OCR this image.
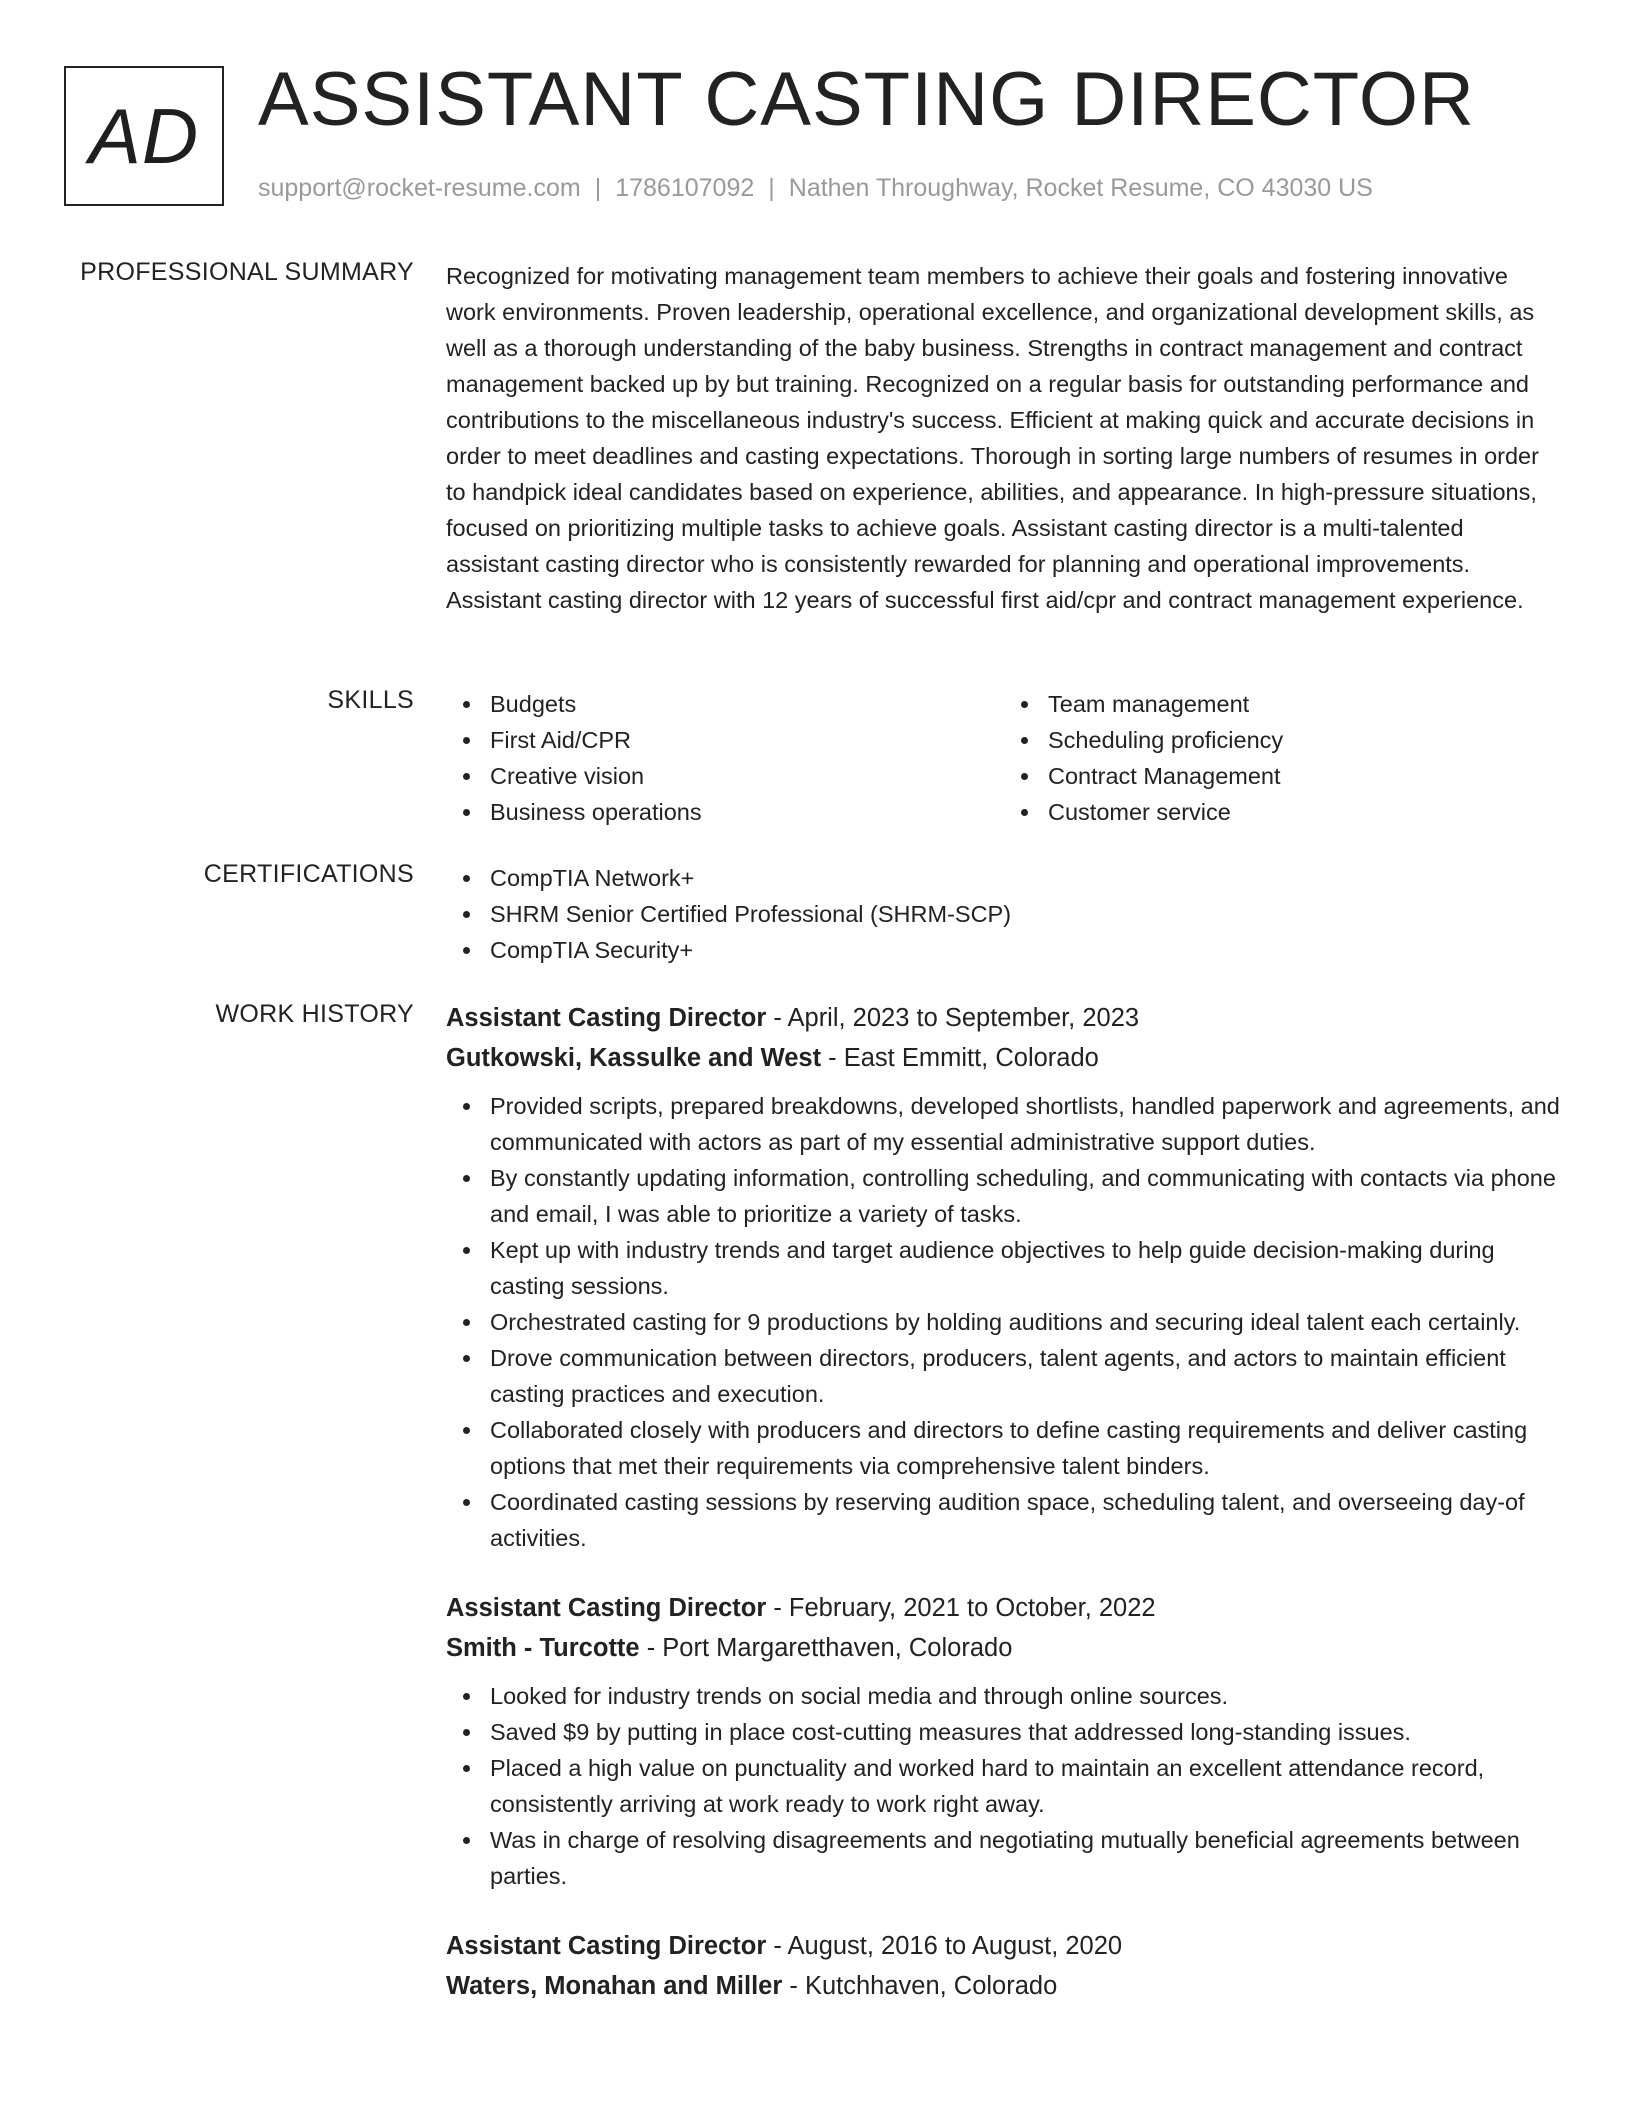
AD ASSISTANT CASTING DIRECTOR
support@rocket-resume.com | 1786107092 | Nathen Throughway, Rocket Resume, CO 43030 US
PROFESSIONAL SUMMARY Recognized for motivating management team members to achieve their goals and fostering innovative work environments. Proven leadership, operational excellence, and organizational development skills, as well as a thorough understanding of the baby business. Strengths in contract management and contract management backed up by but training. Recognized on a regular basis for outstanding performance and contributions to the miscellaneous industry's success. Efficient at making quick and accurate decisions in order to meet deadlines and casting expectations. Thorough in sorting large numbers of resumes in order to handpick ideal candidates based on experience, abilities, and appearance. In high-pressure situations, focused on prioritizing multiple tasks to achieve goals. Assistant casting director is a multi-talented assistant casting director who is consistently rewarded for planning and operational improvements. Assistant casting director with 12 years of successful first aid/cpr and contract management experience.

SKILLS	Budgets
First Aid/CPR
Creative vision
Business operations
Team management
Scheduling proficiency
Contract Management
Customer service
CERTIFICATIONS	CompTIA Network+
SHRM Senior Certified Professional (SHRM-SCP)
CompTIA Security+
WORK HISTORY Assistant Casting Director - April, 2023 to September, 2023
Gutkowski, Kassulke and West - East Emmitt, Colorado
Provided scripts, prepared breakdowns, developed shortlists, handled paperwork and agreements, and communicated with actors as part of my essential administrative support duties.
By constantly updating information, controlling scheduling, and communicating with contacts via phone and email, I was able to prioritize a variety of tasks.
Kept up with industry trends and target audience objectives to help guide decision-making during casting sessions.
Orchestrated casting for 9 productions by holding auditions and securing ideal talent each certainly.
Drove communication between directors, producers, talent agents, and actors to maintain efficient casting practices and execution.
Collaborated closely with producers and directors to define casting requirements and deliver casting options that met their requirements via comprehensive talent binders.
Coordinated casting sessions by reserving audition space, scheduling talent, and overseeing day-of activities.
Assistant Casting Director - February, 2021 to October, 2022
Smith - Turcotte - Port Margaretthaven, Colorado
Looked for industry trends on social media and through online sources.
Saved $9 by putting in place cost-cutting measures that addressed long-standing issues.
Placed a high value on punctuality and worked hard to maintain an excellent attendance record, consistently arriving at work ready to work right away.
Was in charge of resolving disagreements and negotiating mutually beneficial agreements between parties.
Assistant Casting Director - August, 2016 to August, 2020
Waters, Monahan and Miller - Kutchhaven, Colorado
